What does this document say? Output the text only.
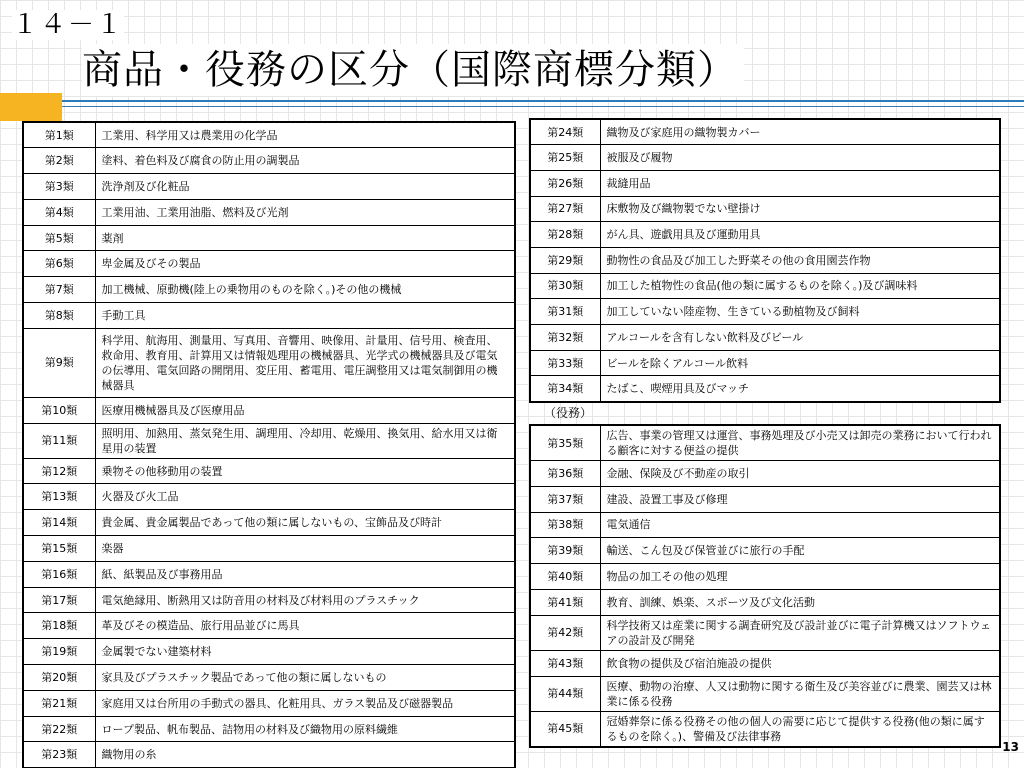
１４－１
商品・役務の区分（国際商標分類）
第1類	工業用、科学用又は農業用の化学品
第2類	塗料、着色料及び腐食の防止用の調製品
第3類	洗浄剤及び化粧品
第4類	工業用油、工業用油脂、燃料及び光剤
第5類	薬剤
第6類	卑金属及びその製品
第7類	加工機械、原動機(陸上の乗物用のものを除く。)その他の機械
第8類	手動工具
第9類	科学用、航海用、測量用、写真用、音響用、映像用、計量用、信号用、検査用、救命用、教育用、計算用又は情報処理用の機械器具、光学式の機械器具及び電気の伝導用、電気回路の開閉用、変圧用、蓄電用、電圧調整用又は電気制御用の機械器具
第10類	医療用機械器具及び医療用品
第11類	照明用、加熱用、蒸気発生用、調理用、冷却用、乾燥用、換気用、給水用又は衛星用の装置
第12類	乗物その他移動用の装置
第13類	火器及び火工品
第14類	貴金属、貴金属製品であって他の類に属しないもの、宝飾品及び時計
第15類	楽器
第16類	紙、紙製品及び事務用品
第17類	電気絶縁用、断熱用又は防音用の材料及び材料用のプラスチック
第18類	革及びその模造品、旅行用品並びに馬具
第19類	金属製でない建築材料
第20類	家具及びプラスチック製品であって他の類に属しないもの
第21類	家庭用又は台所用の手動式の器具、化粧用具、ガラス製品及び磁器製品
第22類	ロープ製品、帆布製品、詰物用の材料及び織物用の原料繊維
第23類	織物用の糸
第24類	織物及び家庭用の織物製カバー
第25類	被服及び履物
第26類	裁縫用品
第27類	床敷物及び織物製でない壁掛け
第28類	がん具、遊戯用具及び運動用具
第29類	動物性の食品及び加工した野菜その他の食用園芸作物
第30類	加工した植物性の食品(他の類に属するものを除く。)及び調味料
第31類	加工していない陸産物、生きている動植物及び飼料
第32類	アルコールを含有しない飲料及びビール
第33類	ビールを除くアルコール飲料
第34類	たばこ、喫煙用具及びマッチ
（役務）
第35類	広告、事業の管理又は運営、事務処理及び小売又は卸売の業務において行われる顧客に対する便益の提供
第36類	金融、保険及び不動産の取引
第37類	建設、設置工事及び修理
第38類	電気通信
第39類	輸送、こん包及び保管並びに旅行の手配
第40類	物品の加工その他の処理
第41類	教育、訓練、娯楽、スポーツ及び文化活動
第42類	科学技術又は産業に関する調査研究及び設計並びに電子計算機又はソフトウェアの設計及び開発
第43類	飲食物の提供及び宿泊施設の提供
第44類	医療、動物の治療、人又は動物に関する衛生及び美容並びに農業、園芸又は林業に係る役務
第45類	冠婚葬祭に係る役務その他の個人の需要に応じて提供する役務(他の類に属するものを除く。)、警備及び法律事務
13
